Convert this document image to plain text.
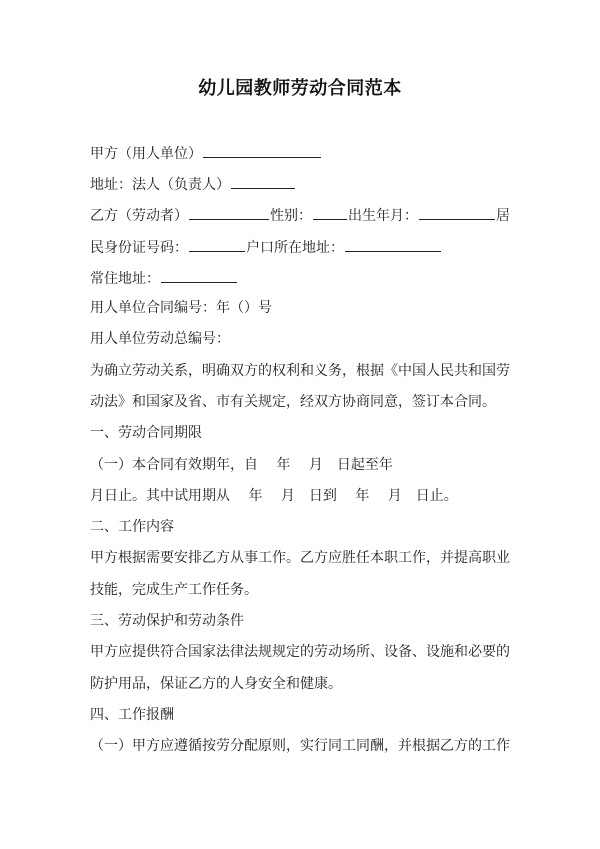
幼儿园教师劳动合同范本
甲方（用人单位）
地址：法人（负责人）
乙方（劳动者）	性别：	出生年月：	居
民身份证号码：	户口所在地址：
常住地址：
用人单位合同编号：年（）号
用人单位劳动总编号：
为确立劳动关系，明确双方的权利和义务，根据《中国人民共和国劳
动法》和国家及省、市有关规定，经双方协商同意，签订本合同。
一、劳动合同期限
（一）本合同有效期年，自　 年　 月　日起至年
月日止。其中试用期从　 年　 月　日到　 年　 月　日止。
二、工作内容
甲方根据需要安排乙方从事工作。乙方应胜任本职工作，并提高职业
技能，完成生产工作任务。
三、劳动保护和劳动条件
甲方应提供符合国家法律法规规定的劳动场所、设备、设施和必要的
防护用品，保证乙方的人身安全和健康。
四、工作报酬
（一）甲方应遵循按劳分配原则，实行同工同酬，并根据乙方的工作
